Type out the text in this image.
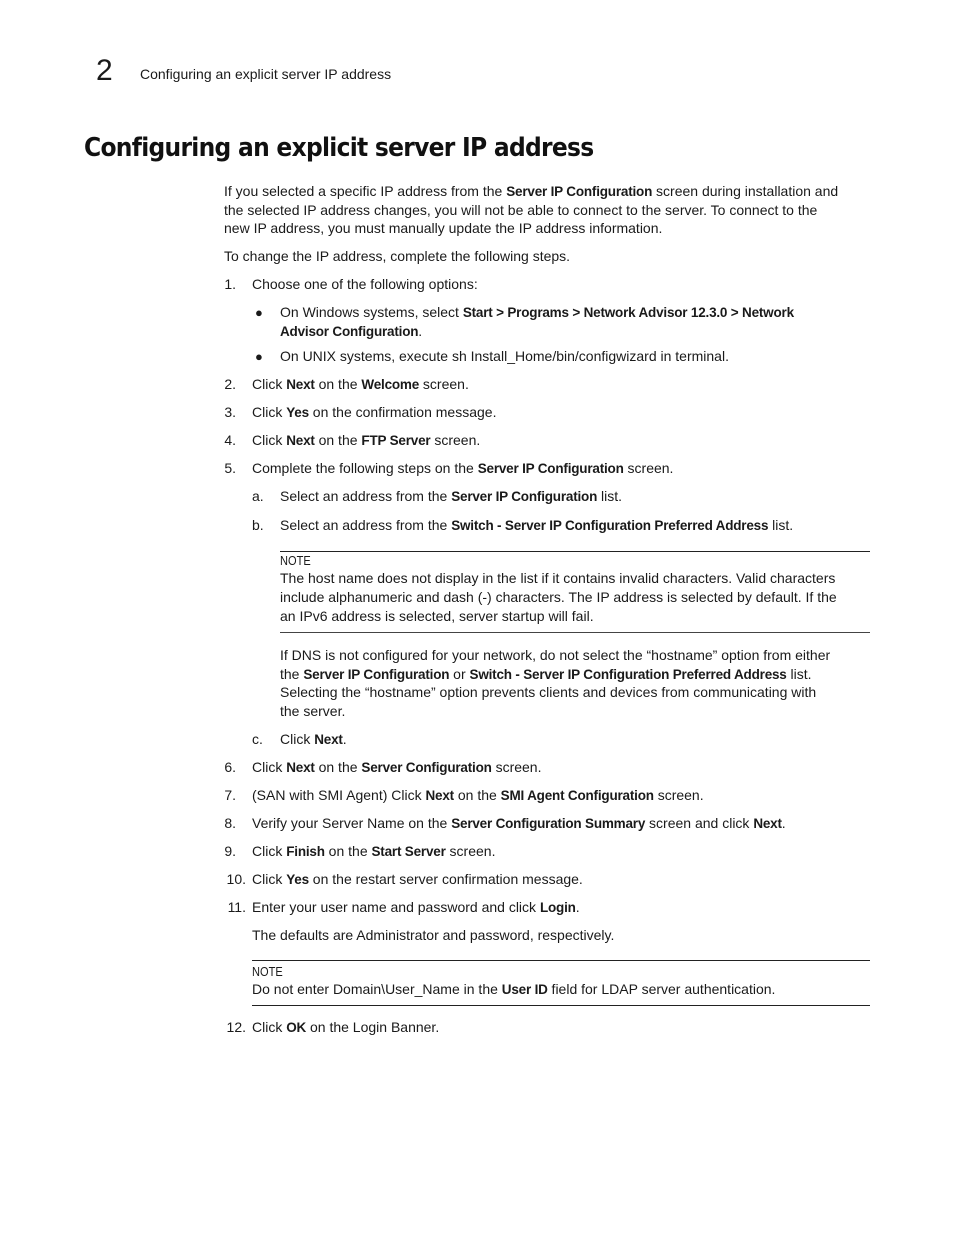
2 Configuring an explicit server IP address
Configuring an explicit server IP address
If you selected a specific IP address from the Server IP Configuration screen during installation and
the selected IP address changes, you will not be able to connect to the server. To connect to the
new IP address, you must manually update the IP address information.
To change the IP address, complete the following steps.
1. Choose one of the following options:
● On Windows systems, select Start > Programs > Network Advisor 12.3.0 > Network
Advisor Configuration.
● On UNIX systems, execute sh Install_Home/bin/configwizard in terminal.
2. Click Next on the Welcome screen.
3. Click Yes on the confirmation message.
4. Click Next on the FTP Server screen.
5. Complete the following steps on the Server IP Configuration screen.
a. Select an address from the Server IP Configuration list.
b. Select an address from the Switch - Server IP Configuration Preferred Address list.
NOTE
The host name does not display in the list if it contains invalid characters. Valid characters
include alphanumeric and dash (-) characters. The IP address is selected by default. If the
an IPv6 address is selected, server startup will fail.
If DNS is not configured for your network, do not select the “hostname” option from either
the Server IP Configuration or Switch - Server IP Configuration Preferred Address list.
Selecting the “hostname” option prevents clients and devices from communicating with
the server.
c. Click Next.
6. Click Next on the Server Configuration screen.
7. (SAN with SMI Agent) Click Next on the SMI Agent Configuration screen.
8. Verify your Server Name on the Server Configuration Summary screen and click Next.
9. Click Finish on the Start Server screen.
10. Click Yes on the restart server confirmation message.
11. Enter your user name and password and click Login.
The defaults are Administrator and password, respectively.
NOTE
Do not enter Domain\User_Name in the User ID field for LDAP server authentication.
12. Click OK on the Login Banner.
